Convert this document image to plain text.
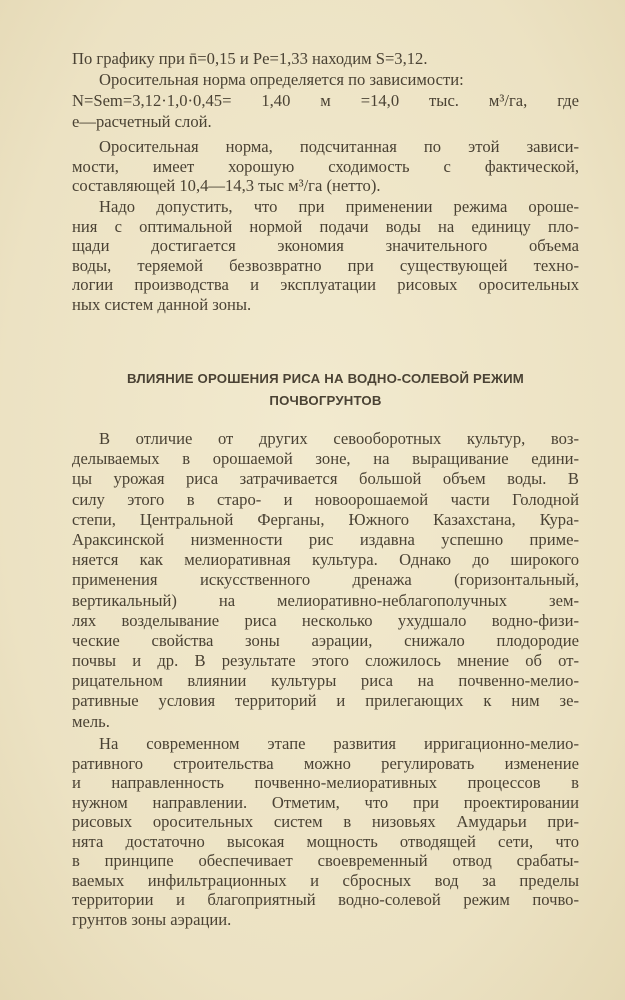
ВЛИЯНИЕ ОРОШЕНИЯ РИСА НА ВОДНО-СОЛЕВОЙ РЕЖИМ
ПОЧВОГРУНТОВ
По графику при n̄=0,15 и Pe=1,33 находим S=3,12.
Оросительная норма определяется по зависимости:
N=Sem=3,12·1,0·0,45= 1,40 м =14,0 тыс. м³/га, где
e—расчетный слой.
Оросительная норма, подсчитанная по этой зависи-
мости, имеет хорошую сходимость с фактической,
составляющей 10,4—14,3 тыс м³/га (нетто).
Надо допустить, что при применении режима ороше-
ния с оптимальной нормой подачи воды на единицу пло-
щади достигается экономия значительного объема
воды, теряемой безвозвратно при существующей техно-
логии производства и эксплуатации рисовых оросительных
ных систем данной зоны.
В отличие от других севооборотных культур, воз-
делываемых в орошаемой зоне, на выращивание едини-
цы урожая риса затрачивается большой объем воды. В
силу этого в старо- и новоорошаемой части Голодной
степи, Центральной Ферганы, Южного Казахстана, Кура-
Араксинской низменности рис издавна успешно приме-
няется как мелиоративная культура. Однако до широкого
применения искусственного дренажа (горизонтальный,
вертикальный) на мелиоративно-неблагополучных зем-
лях возделывание риса несколько ухудшало водно-физи-
ческие свойства зоны аэрации, снижало плодородие
почвы и др. В результате этого сложилось мнение об от-
рицательном влиянии культуры риса на почвенно-мелио-
ративные условия территорий и прилегающих к ним зе-
мель.
На современном этапе развития ирригационно-мелио-
ративного строительства можно регулировать изменение
и направленность почвенно-мелиоративных процессов в
нужном направлении. Отметим, что при проектировании
рисовых оросительных систем в низовьях Амударьи при-
нята достаточно высокая мощность отводящей сети, что
в принципе обеспечивает своевременный отвод срабаты-
ваемых инфильтрационных и сбросных вод за пределы
территории и благоприятный водно-солевой режим почво-
грунтов зоны аэрации.
